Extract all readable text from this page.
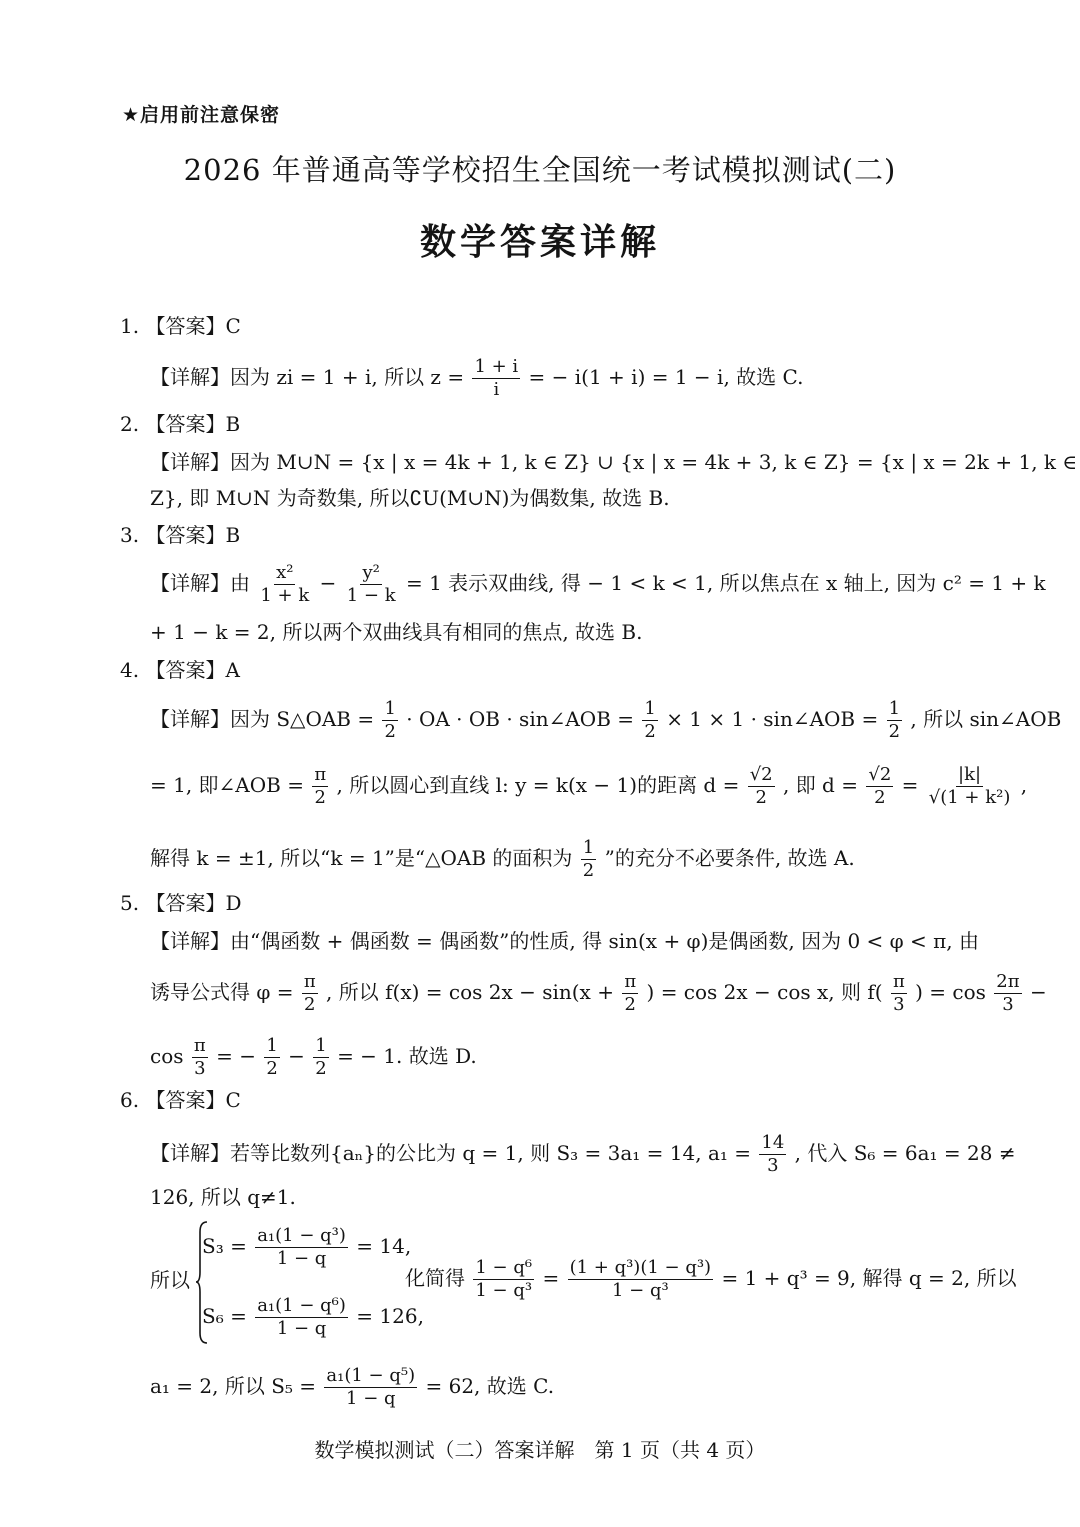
★启用前注意保密
2026 年普通高等学校招生全国统一考试模拟测试(二)
数学答案详解
1. 【答案】C
【详解】因为 zi = 1 + i, 所以 $z = \frac{1 + i}{i}$ = − i(1 + i) = 1 − i, 故选 C.
2. 【答案】B
【详解】因为 M∪N = {x | x = 4k + 1, k ∈ Z} ∪ {x | x = 4k + 3, k ∈ Z} = {x | x = 2k + 1, k ∈
Z}, 即 M∪N 为奇数集, 所以∁U(M∪N)为偶数集, 故选 B.
3. 【答案】B
【详解】由 $\frac{\text{x²}}{1 + k} - \frac{\text{y²}}{1 - k} = 1$ 表示双曲线, 得 − 1 < k < 1, 所以焦点在 x 轴上, 因为 c² = 1 + k
+ 1 − k = 2, 所以两个双曲线具有相同的焦点, 故选 B.
4. 【答案】A
【详解】因为 S△OAB = $\frac{1}{2}$ · OA · OB · sin∠AOB = $\frac{1}{2} \times 1 \times 1$ · sin∠AOB = $\frac{1}{2}$ , 所以 sin∠AOB
= 1, 即∠AOB = $\frac{\pi}{2}$ , 所以圆心到直线 l: y = k(x − 1)的距离 $d = \frac{√2}{2}$ , 即 $d = \frac{√2}{2} = \frac{|k|}{\text{√(1 + k²)}}$ ,
解得 k = ±1, 所以“k = 1”是“△OAB 的面积为 $\frac{1}{2}$ ”的充分不必要条件, 故选 A.
5. 【答案】D
【详解】由“偶函数 + 偶函数 = 偶函数”的性质, 得 sin(x + φ)是偶函数, 因为 0 < φ < π, 由
诱导公式得 $\varphi = \frac{\pi}{2}$ , 所以 $f(x) = \cos 2x - \sin(x + \frac{\pi}{2}$ ) = cos 2x − cos x, 则 $f( \frac{\pi}{3}$ ) = $\cos \frac{2\pi}{3}$ −
$\cos \frac{\pi}{3}$ = − $\frac{1}{2} - \frac{1}{2}$ = − 1. 故选 D.
6. 【答案】C
【详解】若等比数列{aₙ}的公比为 q = 1, 则 S₃ = 3a₁ = 14, $a_1 = \frac{14}{3}$ , 代入 S₆ = 6a₁ = 28 ≠
126, 所以 q≠1.
所以
$S_3 = \frac{\text{a₁(1 − q³)}}{1 - q} = 14$,
$S_6 = \frac{\text{a₁(1 − q⁶)}}{1 - q} = 126$,
化简得 $\frac{\text{1 − q⁶}}{\text{1 − q³}} = \frac{\text{(1 + q³)(1 − q³)}}{\text{1 − q³}} = 1 + q^3 = 9$, 解得 q = 2, 所以
a₁ = 2, 所以 $S_5 = \frac{\text{a₁(1 − q⁵)}}{1 - q} = 62$, 故选 C.
数学模拟测试（二）答案详解　第 1 页（共 4 页）
